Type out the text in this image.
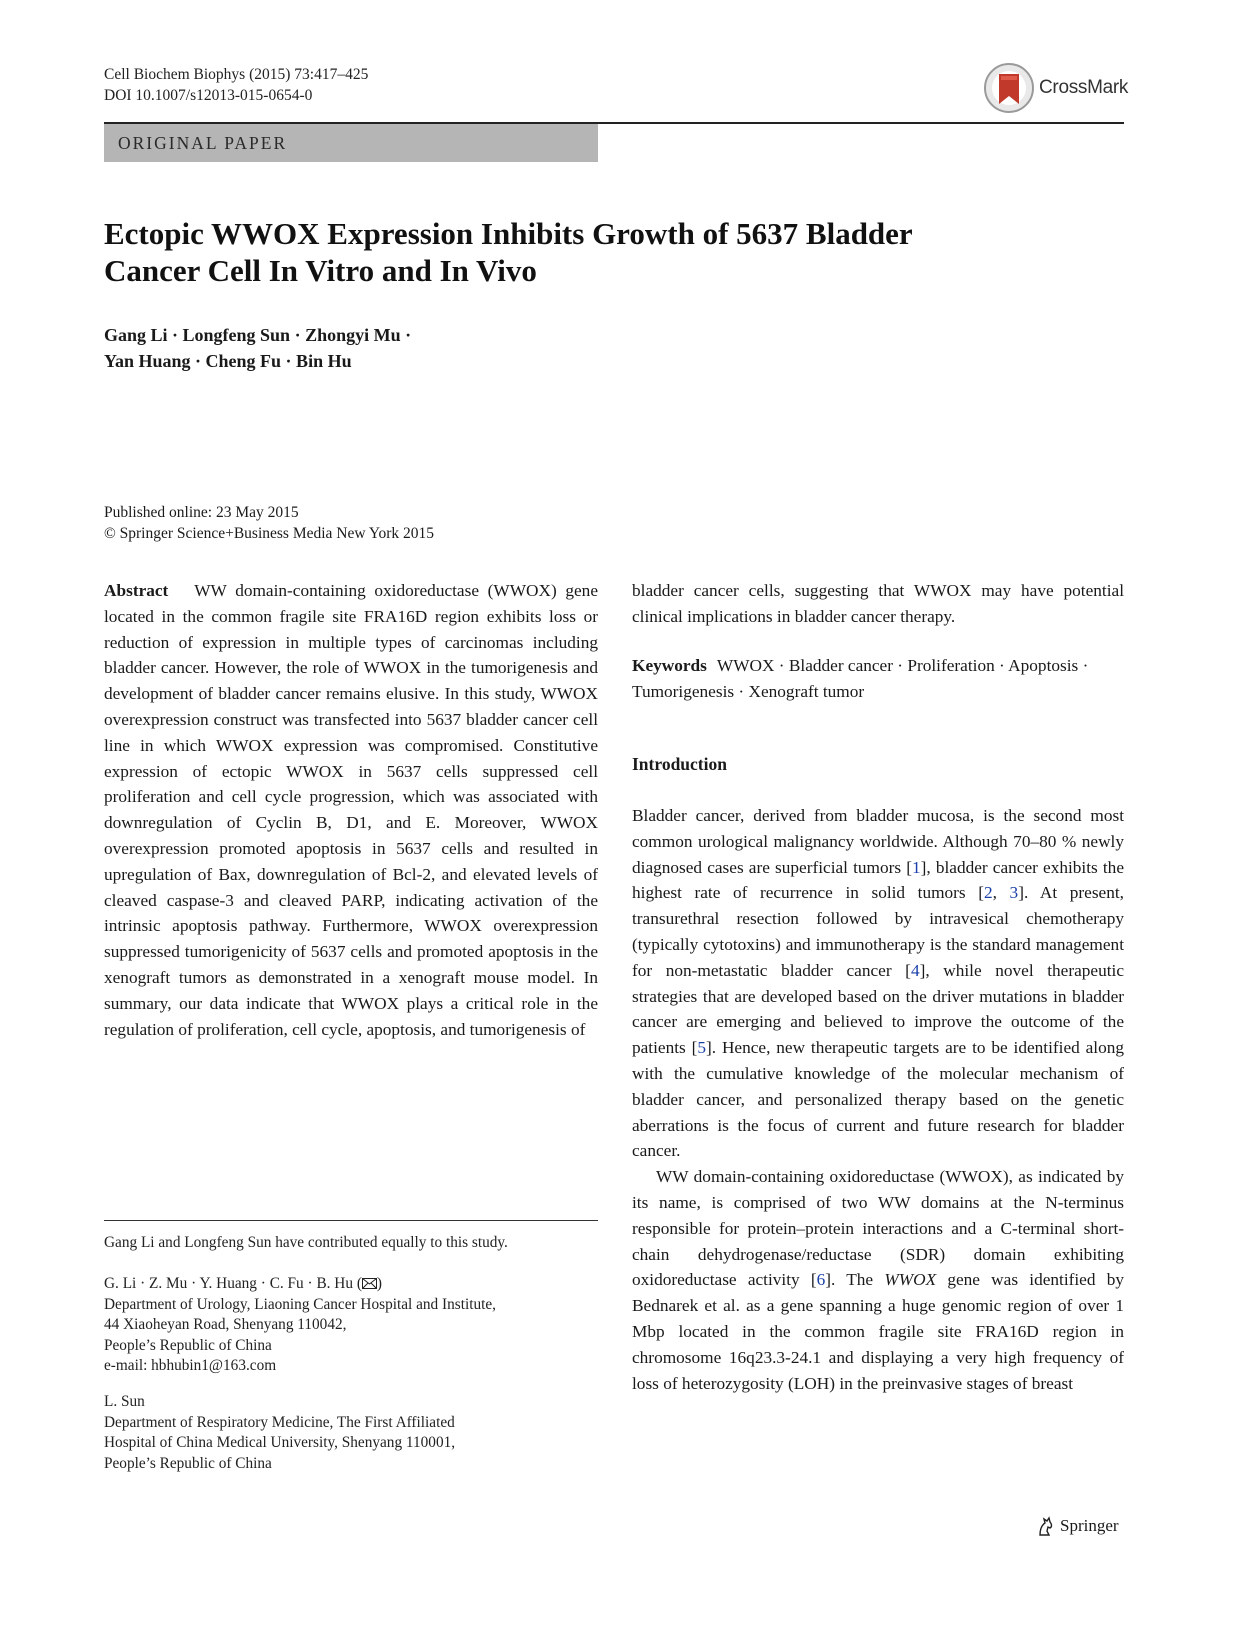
Cell Biochem Biophys (2015) 73:417–425
DOI 10.1007/s12013-015-0654-0	CrossMark
ORIGINAL PAPER
Ectopic WWOX Expression Inhibits Growth of 5637 Bladder
Cancer Cell In Vitro and In Vivo
Gang Li · Longfeng Sun · Zhongyi Mu ·
Yan Huang · Cheng Fu · Bin Hu
Published online: 23 May 2015
© Springer Science+Business Media New York 2015

Abstract WW domain-containing oxidoreductase (WWOX) gene located in the common fragile site FRA16D region exhibits loss or reduction of expression in multiple types of carcinomas including bladder cancer. However, the role of WWOX in the tumorigenesis and development of bladder cancer remains elusive. In this study, WWOX overexpression construct was transfected into 5637 bladder cancer cell line in which WWOX expression was compromised. Constitutive expression of ectopic WWOX in 5637 cells suppressed cell proliferation and cell cycle progression, which was associated with downregulation of Cyclin B, D1, and E. Moreover, WWOX overexpression promoted apoptosis in 5637 cells and resulted in upregulation of Bax, downregulation of Bcl-2, and elevated levels of cleaved caspase-3 and cleaved PARP, indicating activation of the intrinsic apoptosis pathway. Furthermore, WWOX overexpression suppressed tumorigenicity of 5637 cells and promoted apoptosis in the xenograft tumors as demonstrated in a xenograft mouse model. In summary, our data indicate that WWOX plays a critical role in the regulation of proliferation, cell cycle, apoptosis, and tumorigenesis of

bladder cancer cells, suggesting that WWOX may have potential clinical implications in bladder cancer therapy.

Keywords WWOX · Bladder cancer · Proliferation · Apoptosis · Tumorigenesis · Xenograft tumor

Introduction

Bladder cancer, derived from bladder mucosa, is the second most common urological malignancy worldwide. Although 70–80 % newly diagnosed cases are superficial tumors [1], bladder cancer exhibits the highest rate of recurrence in solid tumors [2, 3]. At present, transurethral resection followed by intravesical chemotherapy (typically cytotoxins) and immunotherapy is the standard management for non-metastatic bladder cancer [4], while novel therapeutic strategies that are developed based on the driver mutations in bladder cancer are emerging and believed to improve the outcome of the patients [5]. Hence, new therapeutic targets are to be identified along with the cumulative knowledge of the molecular mechanism of bladder cancer, and personalized therapy based on the genetic aberrations is the focus of current and future research for bladder cancer.

WW domain-containing oxidoreductase (WWOX), as indicated by its name, is comprised of two WW domains at the N-terminus responsible for protein–protein interactions and a C-terminal short-chain dehydrogenase/reductase (SDR) domain exhibiting oxidoreductase activity [6]. The WWOX gene was identified by Bednarek et al. as a gene spanning a huge genomic region of over 1 Mbp located in the common fragile site FRA16D region in chromosome 16q23.3-24.1 and displaying a very high frequency of loss of heterozygosity (LOH) in the preinvasive stages of breast

Gang Li and Longfeng Sun have contributed equally to this study.
G. Li · Z. Mu · Y. Huang · C. Fu · B. Hu ( )
Department of Urology, Liaoning Cancer Hospital and Institute,
44 Xiaoheyan Road, Shenyang 110042,
People’s Republic of China
e-mail: hbhubin1@163.com
L. Sun
Department of Respiratory Medicine, The First Affiliated
Hospital of China Medical University, Shenyang 110001,
People’s Republic of China
Springer
